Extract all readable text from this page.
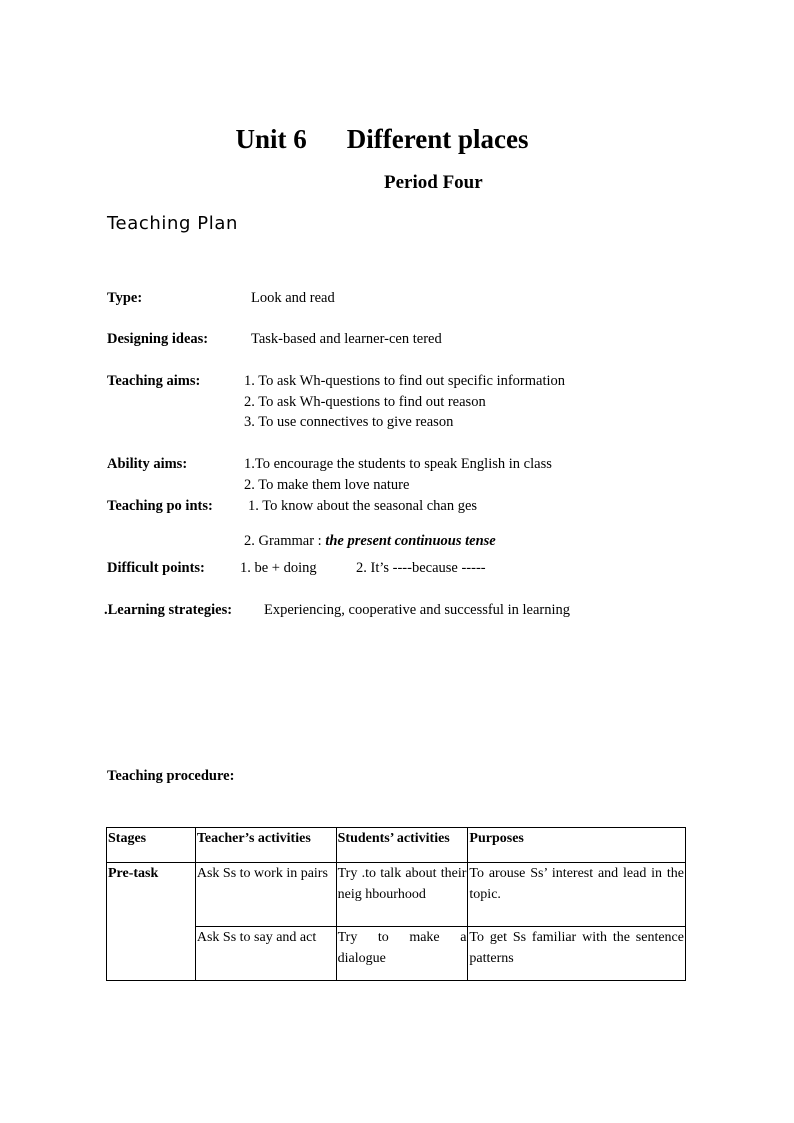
Unit 6 Different places
Period Four
Teaching Plan
Type:	Look and read
Designing ideas:	Task-based and learner-cen tered
Teaching aims:	1. To ask Wh-questions to find out specific information
2. To ask Wh-questions to find out reason
3. To use connectives to give reason
Ability aims:	1.To encourage the students to speak English in class
2. To make them love nature
Teaching po ints: 1. To know about the seasonal chan ges
2. Grammar : the present continuous tense
Difficult points: 1. be + doing	2. It’s ----because -----
.Learning strategies: Experiencing, cooperative and successful in learning
Teaching procedure:
Stages	Teacher’s activities	Students’ activities	Purposes
Pre-task	Ask Ss to work in pairs	Try .to talk about their neig hbourhood	To arouse Ss’ interest and lead in the topic.
	Ask Ss to say and act	Try to make a dialogue	To get Ss familiar with the sentence patterns
